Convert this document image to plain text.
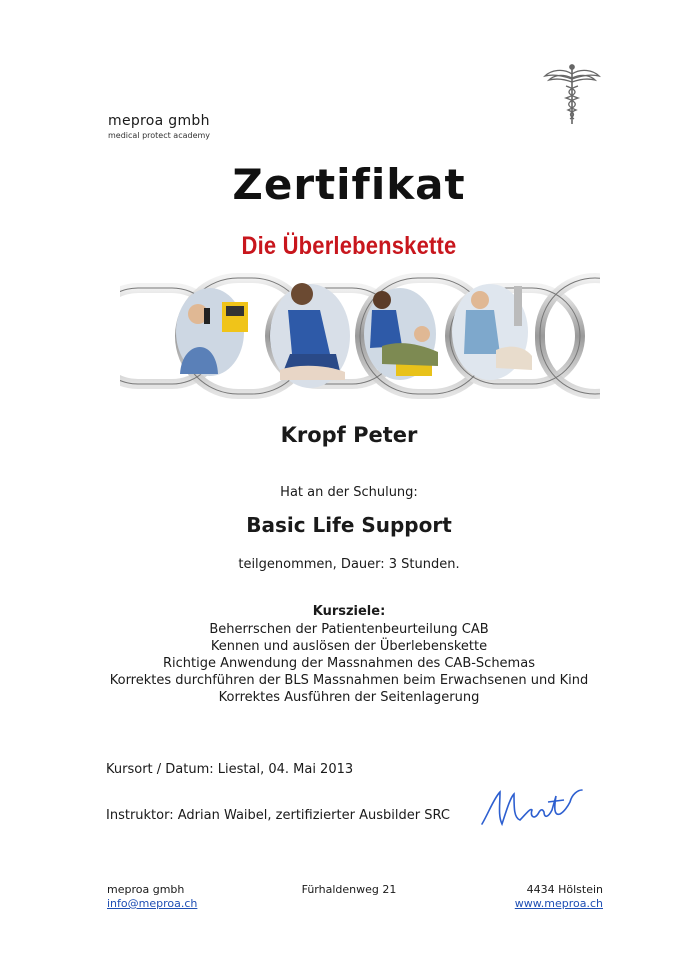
meproa gmbh
medical protect academy
Zertifikat
Die Überlebenskette
Kropf Peter
Hat an der Schulung:
Basic Life Support
teilgenommen, Dauer: 3 Stunden.
Kursziele:
Beherrschen der Patientenbeurteilung CAB
Kennen und auslösen der Überlebenskette
Richtige Anwendung der Massnahmen des CAB-Schemas
Korrektes durchführen der BLS Massnahmen beim Erwachsenen und Kind
Korrektes Ausführen der Seitenlagerung
Kursort / Datum: Liestal, 04. Mai 2013
Instruktor: Adrian Waibel, zertifizierter Ausbilder SRC
meproa gmbh
info@meproa.ch
Fürhaldenweg 21	4434 Hölstein
www.meproa.ch
